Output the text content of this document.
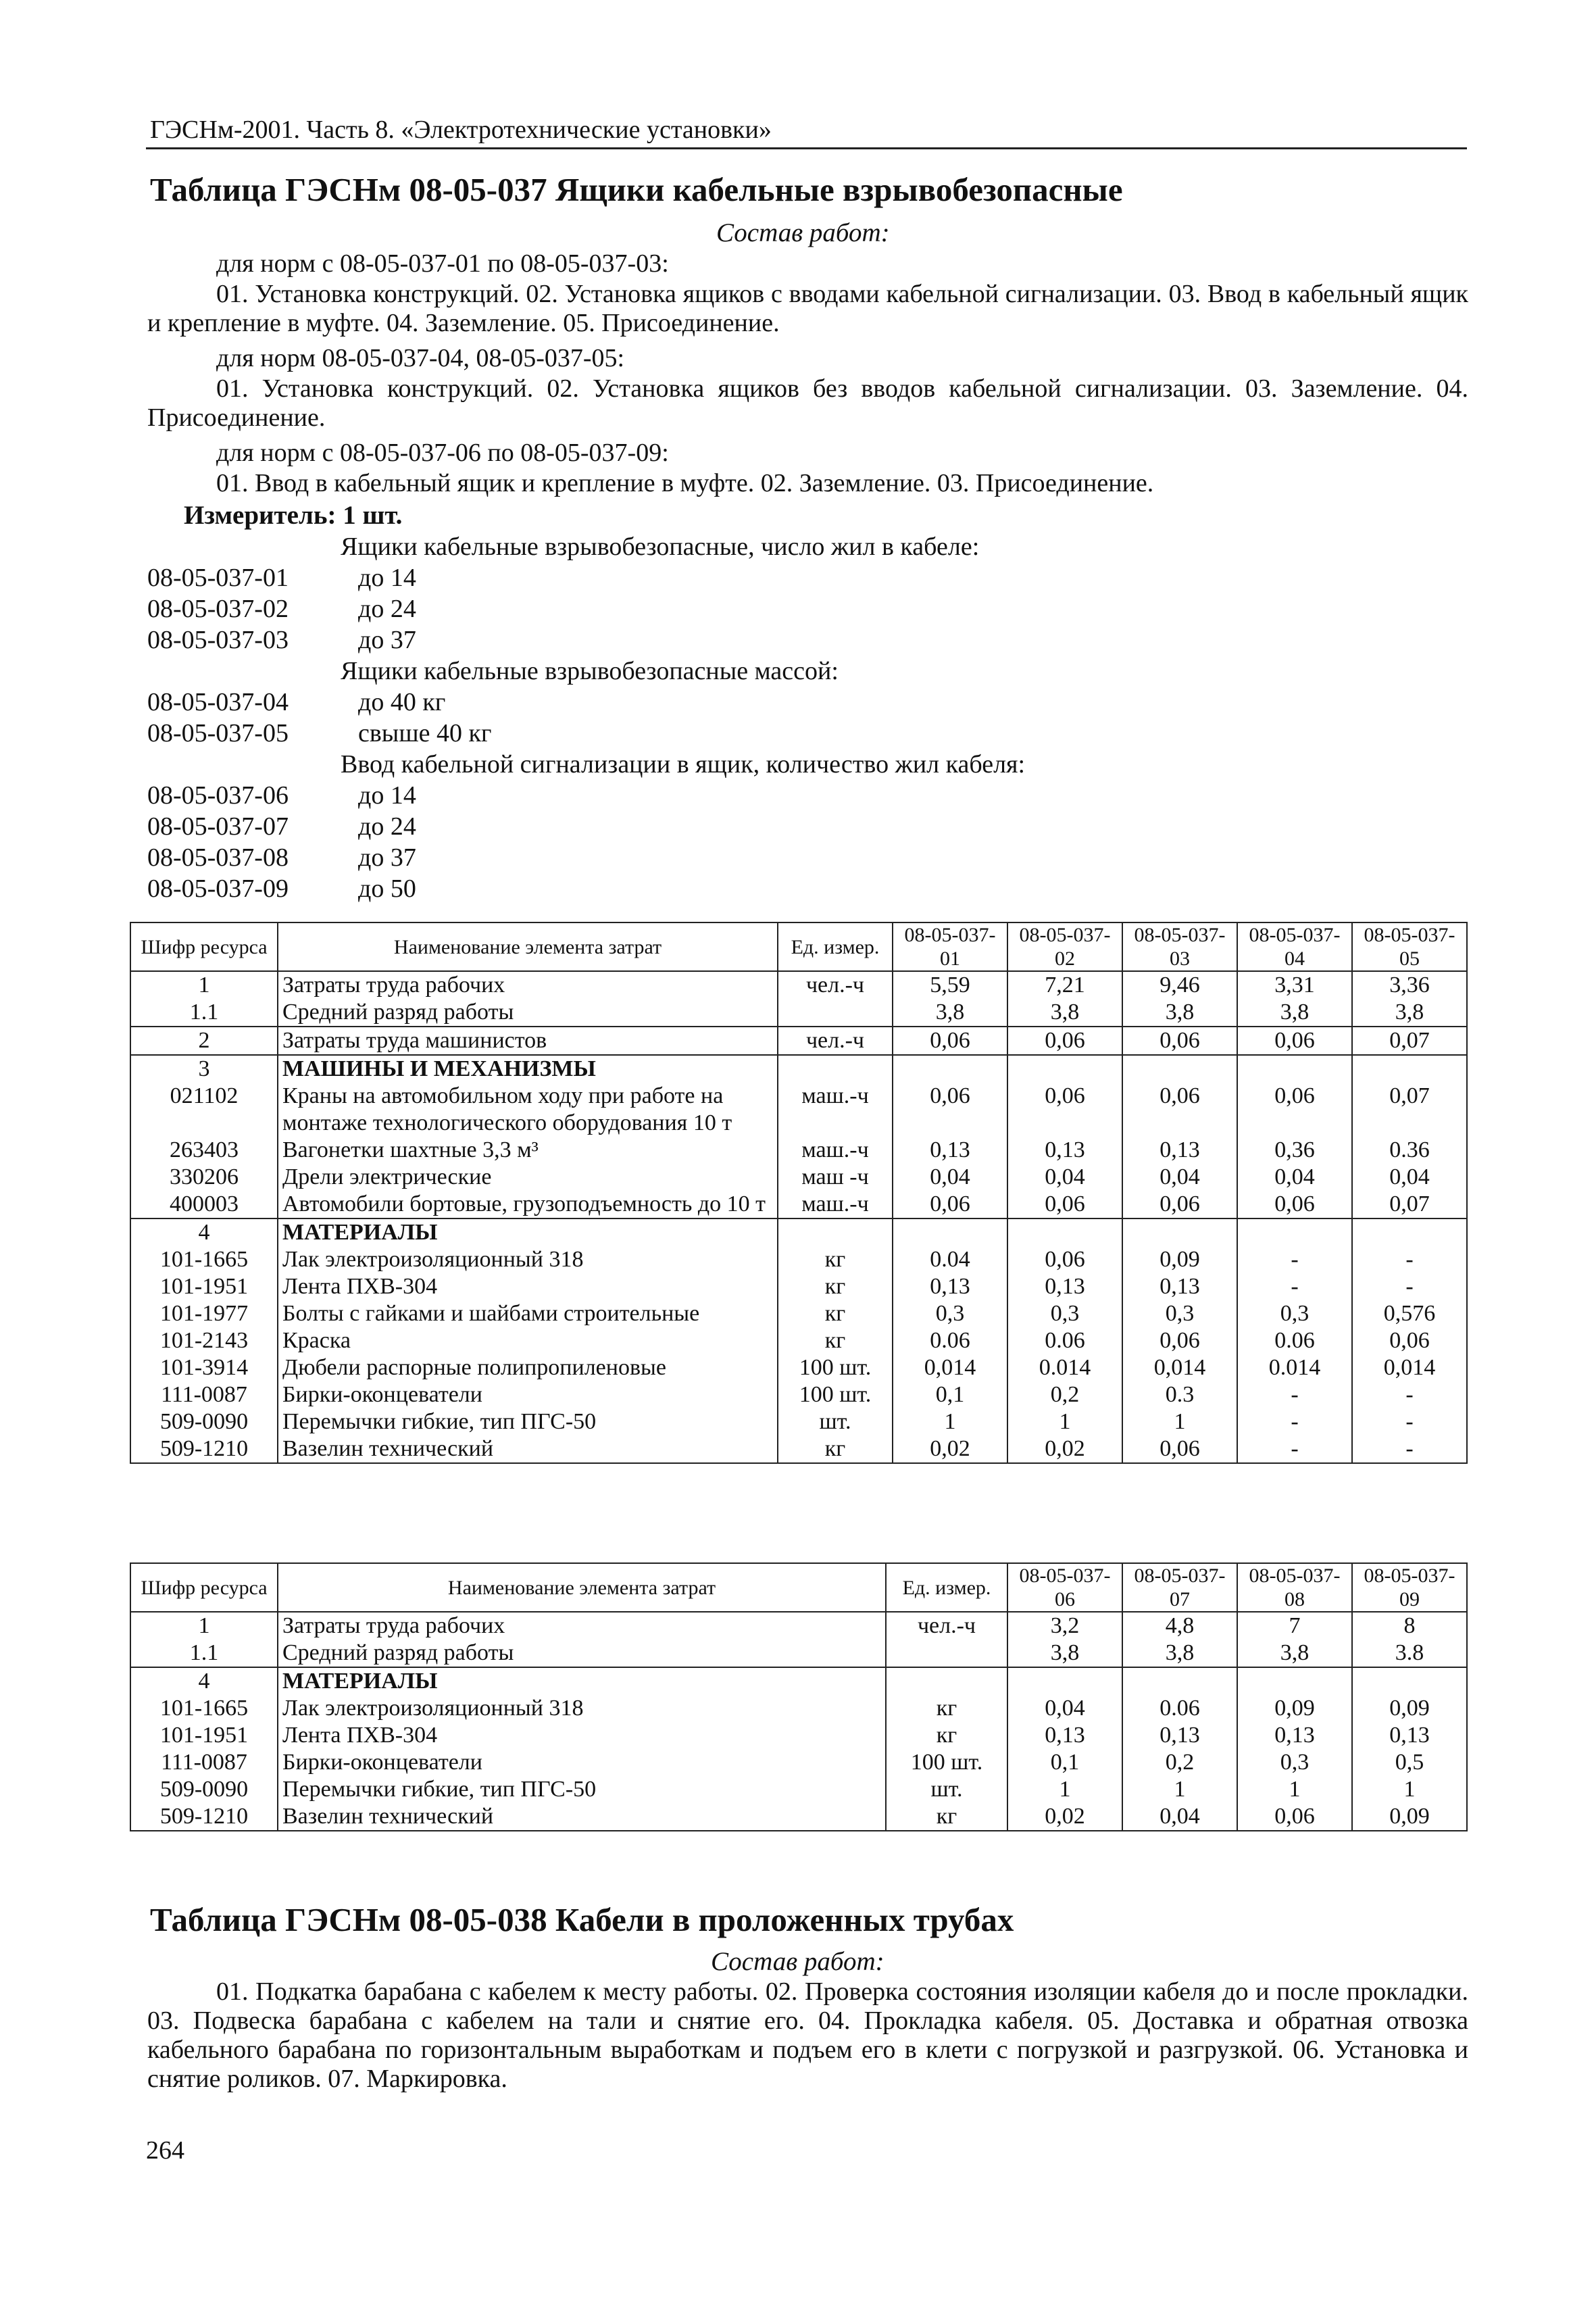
ГЭСНм-2001. Часть 8. «Электротехнические установки»
Таблица ГЭСНм 08-05-037 Ящики кабельные взрывобезопасные
Состав работ:
для норм с 08-05-037-01 по 08-05-037-03:
01. Установка конструкций. 02. Установка ящиков с вводами кабельной сигнализации. 03. Ввод в кабельный ящик и крепление в муфте. 04. Заземление. 05. Присоединение.
для норм 08-05-037-04, 08-05-037-05:
01. Установка конструкций. 02. Установка ящиков без вводов кабельной сигнализации. 03. Заземление. 04. Присоединение.
для норм с 08-05-037-06 по 08-05-037-09:
01. Ввод в кабельный ящик и крепление в муфте. 02. Заземление. 03. Присоединение.
Измеритель: 1 шт.
Ящики кабельные взрывобезопасные, число жил в кабеле:
08-05-037-01	до 14
08-05-037-02	до 24
08-05-037-03	до 37
Ящики кабельные взрывобезопасные массой:
08-05-037-04	до 40 кг
08-05-037-05	свыше 40 кг
Ввод кабельной сигнализации в ящик, количество жил кабеля:
08-05-037-06	до 14
08-05-037-07	до 24
08-05-037-08	до 37
08-05-037-09	до 50
Шифр ресурса	Наименование элемента затрат	Ед. измер.	08-05-037-01	08-05-037-02	08-05-037-03	08-05-037-04	08-05-037-05
1	Затраты труда рабочих	чел.-ч	5,59	7,21	9,46	3,31	3,36
1.1	Средний разряд работы		3,8	3,8	3,8	3,8	3,8
2	Затраты труда машинистов	чел.-ч	0,06	0,06	0,06	0,06	0,07
3	МАШИНЫ И МЕХАНИЗМЫ						
021102	Краны на автомобильном ходу при работе на монтаже технологического оборудования 10 т	маш.-ч	0,06	0,06	0,06	0,06	0,07
263403	Вагонетки шахтные 3,3 м³	маш.-ч	0,13	0,13	0,13	0,36	0.36
330206	Дрели электрические	маш -ч	0,04	0,04	0,04	0,04	0,04
400003	Автомобили бортовые, грузоподъемность до 10 т	маш.-ч	0,06	0,06	0,06	0,06	0,07
4	МАТЕРИАЛЫ						
101-1665	Лак электроизоляционный 318	кг	0.04	0,06	0,09	-	-
101-1951	Лента ПХВ-304	кг	0,13	0,13	0,13	-	-
101-1977	Болты с гайками и шайбами строительные	кг	0,3	0,3	0,3	0,3	0,576
101-2143	Краска	кг	0.06	0.06	0,06	0.06	0,06
101-3914	Дюбели распорные полипропиленовые	100 шт.	0,014	0.014	0,014	0.014	0,014
111-0087	Бирки-оконцеватели	100 шт.	0,1	0,2	0.3	-	-
509-0090	Перемычки гибкие, тип ПГС-50	шт.	1	1	1	-	-
509-1210	Вазелин технический	кг	0,02	0,02	0,06	-	-
Шифр ресурса	Наименование элемента затрат	Ед. измер.	08-05-037-06	08-05-037-07	08-05-037-08	08-05-037-09
1	Затраты труда рабочих	чел.-ч	3,2	4,8	7	8
1.1	Средний разряд работы		3,8	3,8	3,8	3.8
4	МАТЕРИАЛЫ					
101-1665	Лак электроизоляционный 318	кг	0,04	0.06	0,09	0,09
101-1951	Лента ПХВ-304	кг	0,13	0,13	0,13	0,13
111-0087	Бирки-оконцеватели	100 шт.	0,1	0,2	0,3	0,5
509-0090	Перемычки гибкие, тип ПГС-50	шт.	1	1	1	1
509-1210	Вазелин технический	кг	0,02	0,04	0,06	0,09
Таблица ГЭСНм 08-05-038 Кабели в проложенных трубах
Состав работ:
01. Подкатка барабана с кабелем к месту работы. 02. Проверка состояния изоляции кабеля до и после прокладки. 03. Подвеска барабана с кабелем на тали и снятие его. 04. Прокладка кабеля. 05. Доставка и обратная отвозка кабельного барабана по горизонтальным выработкам и подъем его в клети с погрузкой и разгрузкой. 06. Установка и снятие роликов. 07. Маркировка.
264
